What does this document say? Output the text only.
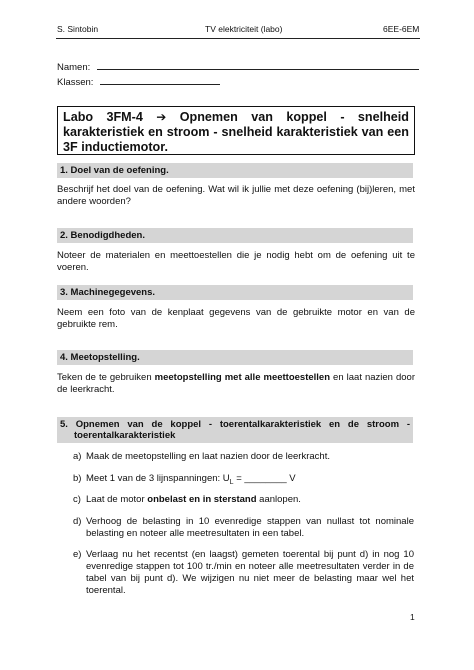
S. Sintobin	TV elektriciteit (labo)	6EE-6EM
Namen:
Klassen:
Labo 3FM-4 ➔ Opnemen van koppel - snelheid karakteristiek en stroom - snelheid karakteristiek van een 3F inductiemotor.
1. Doel van de oefening.
Beschrijf het doel van de oefening. Wat wil ik jullie met deze oefening (bij)leren, met andere woorden?
2. Benodigdheden.
Noteer de materialen en meettoestellen die je nodig hebt om de oefening uit te voeren.
3. Machinegegevens.
Neem een foto van de kenplaat gegevens van de gebruikte motor en van de gebruikte rem.
4. Meetopstelling.
Teken de te gebruiken meetopstelling met alle meettoestellen en laat nazien door de leerkracht.
5. Opnemen van de koppel - toerentalkarakteristiek en de stroom -
toerentalkarakteristiek
a) Maak de meetopstelling en laat nazien door de leerkracht.
b) Meet 1 van de 3 lijnspanningen: $U_L$ = ________ V
c) Laat de motor onbelast en in sterstand aanlopen.
d) Verhoog de belasting in 10 evenredige stappen van nullast tot nominale belasting en noteer alle meetresultaten in een tabel.
e) Verlaag nu het recentst (en laagst) gemeten toerental bij punt d) in nog 10 evenredige stappen tot 100 tr./min en noteer alle meetresultaten verder in de tabel van bij punt d). We wijzigen nu niet meer de belasting maar wel het toerental.
1
